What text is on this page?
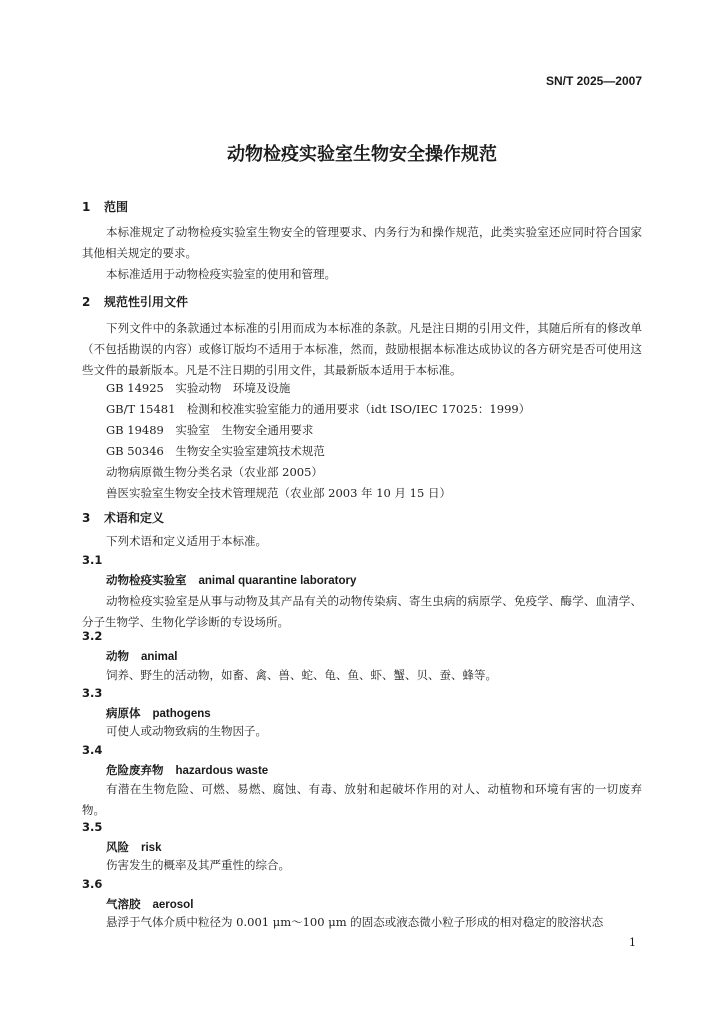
SN/T 2025—2007
动物检疫实验室生物安全操作规范
1 范围
本标准规定了动物检疫实验室生物安全的管理要求、内务行为和操作规范，此类实验室还应同时符合国家其他相关规定的要求。
本标准适用于动物检疫实验室的使用和管理。
2 规范性引用文件
下列文件中的条款通过本标准的引用而成为本标准的条款。凡是注日期的引用文件，其随后所有的修改单（不包括勘误的内容）或修订版均不适用于本标准，然而，鼓励根据本标准达成协议的各方研究是否可使用这些文件的最新版本。凡是不注日期的引用文件，其最新版本适用于本标准。
GB 14925　实验动物　环境及设施
GB/T 15481　检测和校准实验室能力的通用要求（idt ISO/IEC 17025：1999）
GB 19489　实验室　生物安全通用要求
GB 50346　生物安全实验室建筑技术规范
动物病原微生物分类名录（农业部 2005）
兽医实验室生物安全技术管理规范（农业部 2003 年 10 月 15 日）
3 术语和定义
下列术语和定义适用于本标准。
3.1
动物检疫实验室 animal quarantine laboratory
动物检疫实验室是从事与动物及其产品有关的动物传染病、寄生虫病的病原学、免疫学、酶学、血清学、分子生物学、生物化学诊断的专设场所。
3.2
动物 animal
饲养、野生的活动物，如畜、禽、兽、蛇、龟、鱼、虾、蟹、贝、蚕、蜂等。
3.3
病原体 pathogens
可使人或动物致病的生物因子。
3.4
危险废弃物 hazardous waste
有潜在生物危险、可燃、易燃、腐蚀、有毒、放射和起破坏作用的对人、动植物和环境有害的一切废弃物。
3.5
风险 risk
伤害发生的概率及其严重性的综合。
3.6
气溶胶 aerosol
悬浮于气体介质中粒径为 0.001 μm～100 μm 的固态或液态微小粒子形成的相对稳定的胶溶状态
1
